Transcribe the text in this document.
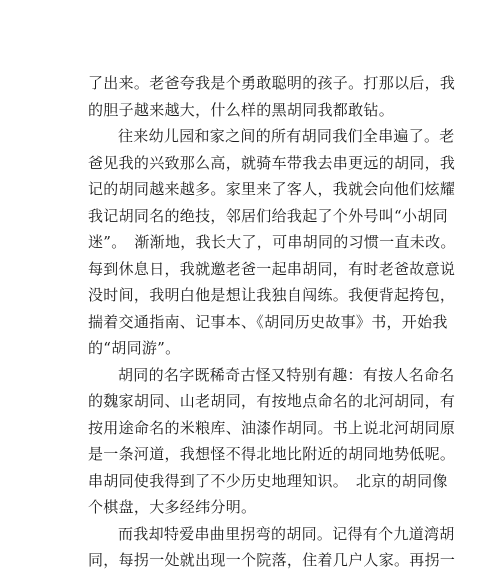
了出来。老爸夸我是个勇敢聪明的孩子。打那以后，我
的胆子越来越大，什么样的黑胡同我都敢钻。
往来幼儿园和家之间的所有胡同我们全串遍了。老
爸见我的兴致那么高，就骑车带我去串更远的胡同，我
记的胡同越来越多。家里来了客人，我就会向他们炫耀
我记胡同名的绝技，邻居们给我起了个外号叫“小胡同
迷”。　渐渐地，我长大了，可串胡同的习惯一直未改。
每到休息日，我就邀老爸一起串胡同，有时老爸故意说
没时间，我明白他是想让我独自闯练。我便背起挎包，
揣着交通指南、记事本、《胡同历史故事》书，开始我
的“胡同游”。
胡同的名字既稀奇古怪又特别有趣：有按人名命名
的魏家胡同、山老胡同，有按地点命名的北河胡同，有
按用途命名的米粮库、油漆作胡同。书上说北河胡同原
是一条河道，我想怪不得北地比附近的胡同地势低呢。
串胡同使我得到了不少历史地理知识。　北京的胡同像
个棋盘，大多经纬分明。
而我却特爱串曲里拐弯的胡同。记得有个九道湾胡
同，每拐一处就出现一个院落，住着几户人家。再拐一
